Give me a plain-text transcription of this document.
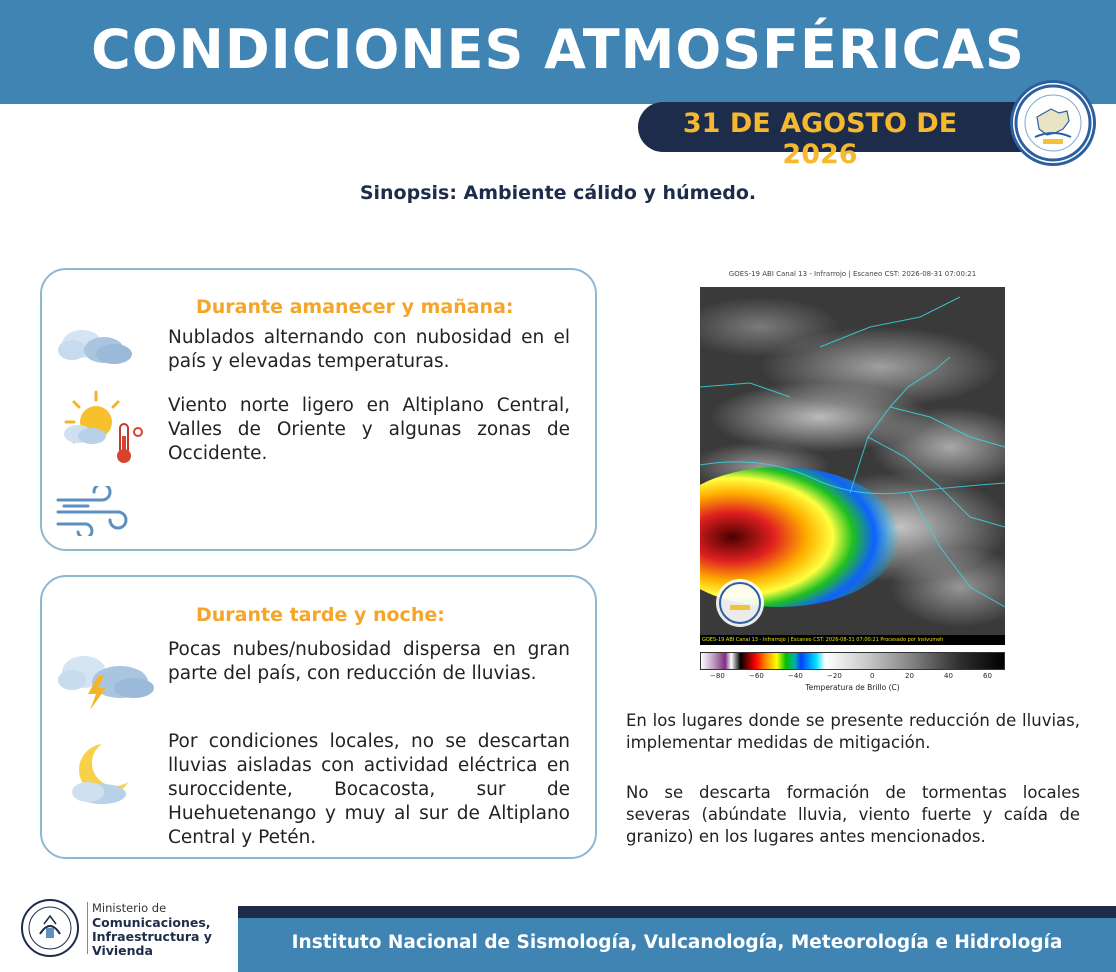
CONDICIONES ATMOSFÉRICAS
31 DE AGOSTO DE 2026
Sinopsis: Ambiente cálido y húmedo.
Durante amanecer y mañana:
Nublados alternando con nubosidad en el país y elevadas temperaturas.
Viento norte ligero en Altiplano Central, Valles de Oriente y algunas zonas de Occidente.
Durante tarde y noche:
Pocas nubes/nubosidad dispersa en gran parte del país, con reducción de lluvias.
Por condiciones locales, no se descartan lluvias aisladas con actividad eléctrica en suroccidente, Bocacosta, sur de Huehuetenango y muy al sur de Altiplano Central y Petén.
GOES-19 ABI Canal 13 - Infrarrojo | Escaneo CST: 2026-08-31 07:00:21
GOES-19 ABI Canal 13 - Infrarrojo | Escaneo CST: 2026-08-31 07:00:21 Procesado por Insivumeh
−80	−60	−40	−20	0	20	40	60
Temperatura de Brillo (C)
En los lugares donde se presente reducción de lluvias, implementar medidas de mitigación.
No se descarta formación de tormentas locales severas (abúndate lluvia, viento fuerte y caída de granizo) en los lugares antes mencionados.
Ministerio de
Comunicaciones,
Infraestructura y
Vivienda	Instituto Nacional de Sismología, Vulcanología, Meteorología e Hidrología
